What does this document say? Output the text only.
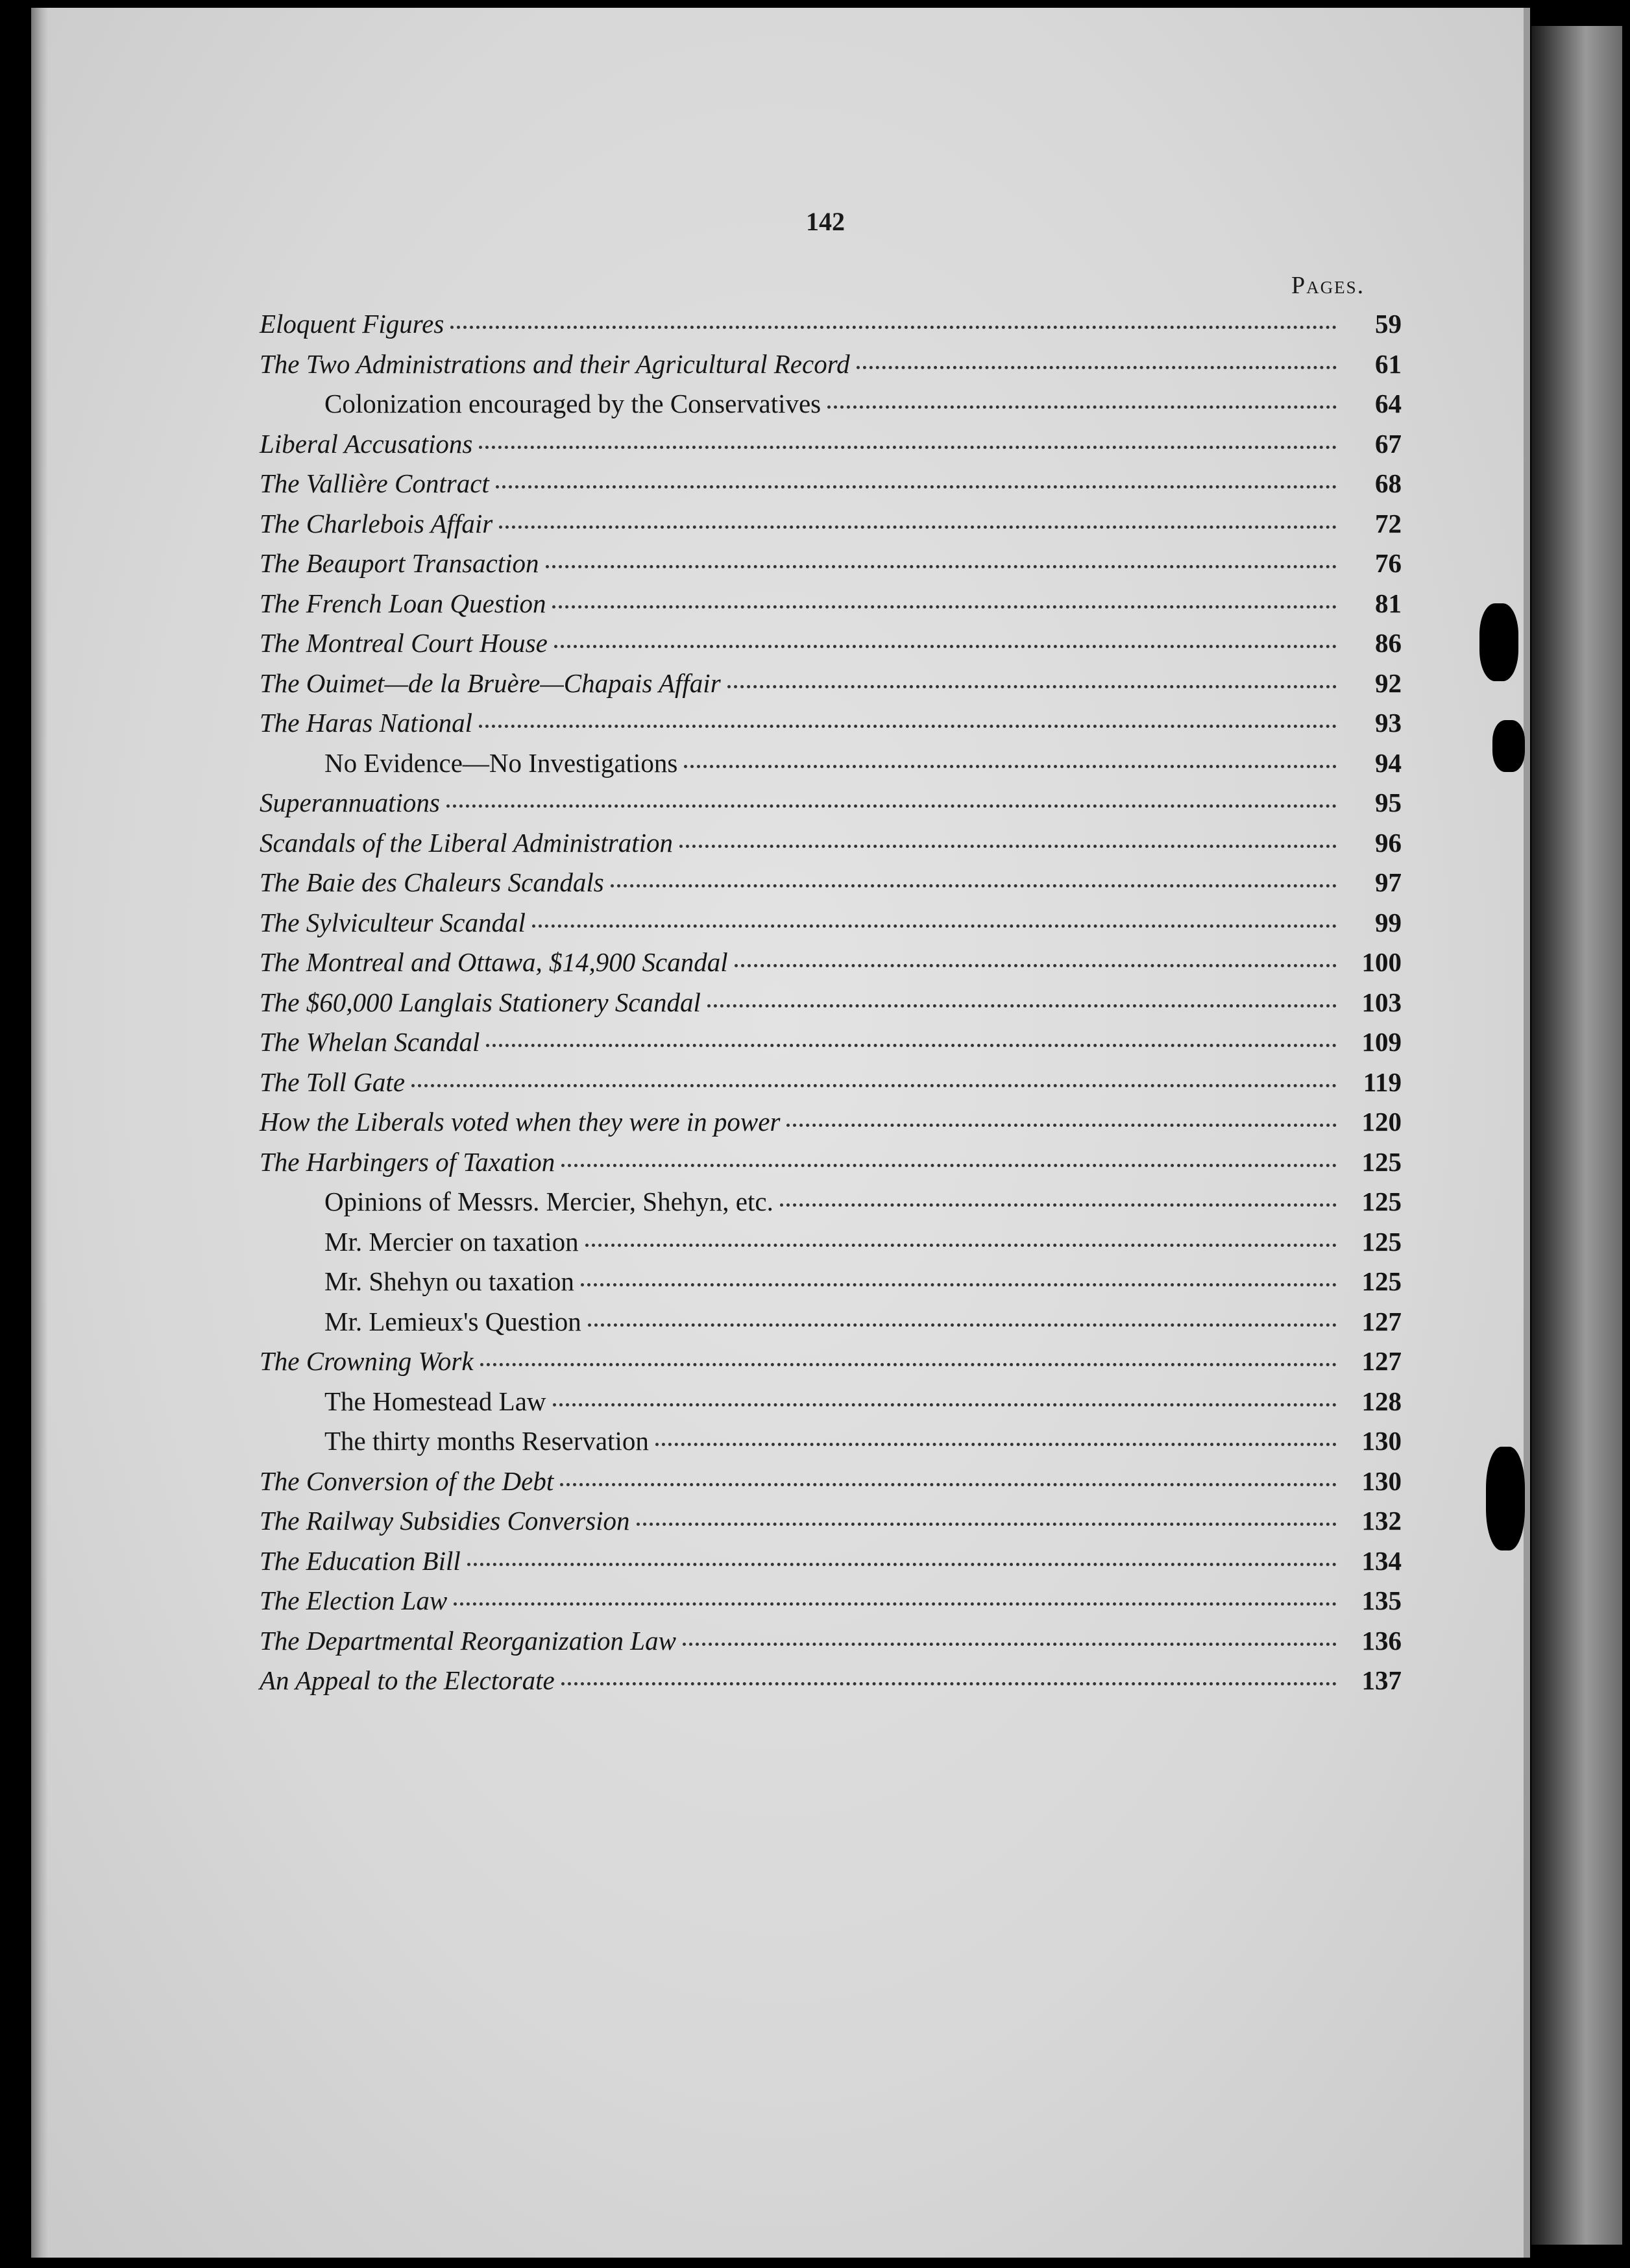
142
Pages.
Eloquent Figures	59
The Two Administrations and their Agricultural Record	61
Colonization encouraged by the Conservatives	64
Liberal Accusations	67
The Vallière Contract	68
The Charlebois Affair	72
The Beauport Transaction	76
The French Loan Question	81
The Montreal Court House	86
The Ouimet—de la Bruère—Chapais Affair	92
The Haras National	93
No Evidence—No Investigations	94
Superannuations	95
Scandals of the Liberal Administration	96
The Baie des Chaleurs Scandals	97
The Sylviculteur Scandal	99
The Montreal and Ottawa, $14,900 Scandal	100
The $60,000 Langlais Stationery Scandal	103
The Whelan Scandal	109
The Toll Gate	119
How the Liberals voted when they were in power	120
The Harbingers of Taxation	125
Opinions of Messrs. Mercier, Shehyn, etc.	125
Mr. Mercier on taxation	125
Mr. Shehyn ou taxation	125
Mr. Lemieux's Question	127
The Crowning Work	127
The Homestead Law	128
The thirty months Reservation	130
The Conversion of the Debt	130
The Railway Subsidies Conversion	132
The Education Bill	134
The Election Law	135
The Departmental Reorganization Law	136
An Appeal to the Electorate	137
